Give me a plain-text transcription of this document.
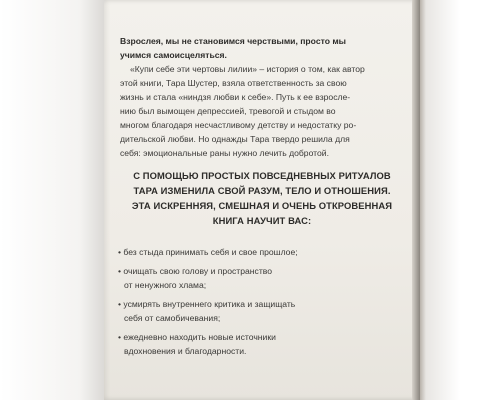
Взрослея, мы не становимся черствыми, просто мы
учимся самоисцеляться.
«Купи себе эти чертовы лилии» – история о том, как автор
этой книги, Тара Шустер, взяла ответственность за свою
жизнь и стала «ниндзя любви к себе». Путь к ее взросле-
нию был вымощен депрессией, тревогой и стыдом во
многом благодаря несчастливому детству и недостатку ро-
дительской любви. Но однажды Тара твердо решила для
себя: эмоциональные раны нужно лечить добротой.
С ПОМОЩЬЮ ПРОСТЫХ ПОВСЕДНЕВНЫХ РИТУАЛОВ
ТАРА ИЗМЕНИЛА СВОЙ РАЗУМ, ТЕЛО И ОТНОШЕНИЯ.
ЭТА ИСКРЕННЯЯ, СМЕШНАЯ И ОЧЕНЬ ОТКРОВЕННАЯ
КНИГА НАУЧИТ ВАС:
• без стыда принимать себя и свое прошлое;
• очищать свою голову и пространство
от ненужного хлама;
• усмирять внутреннего критика и защищать
себя от самобичевания;
• ежедневно находить новые источники
вдохновения и благодарности.
